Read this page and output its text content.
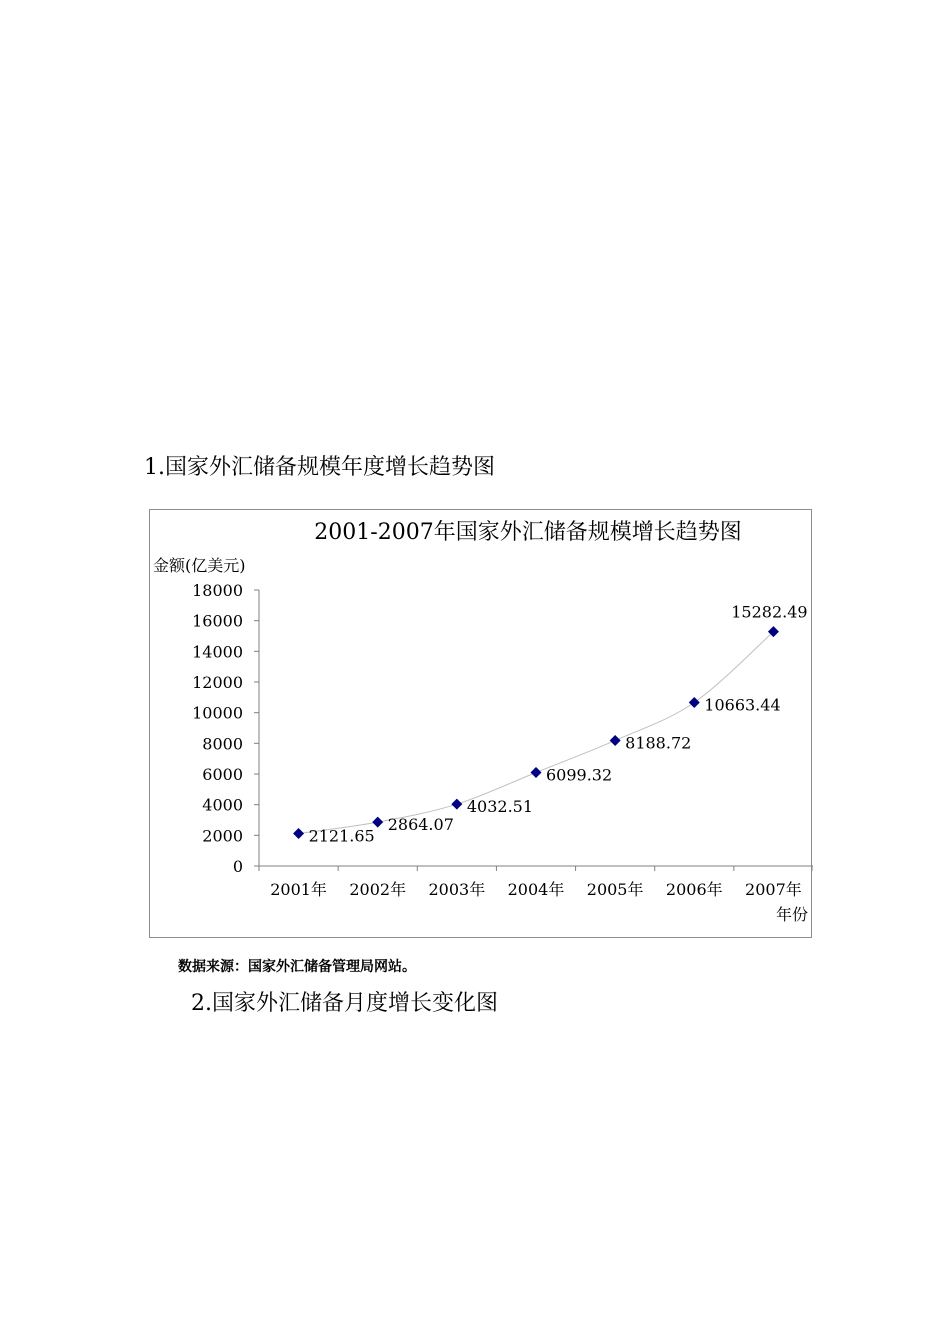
1.国家外汇储备规模年度增长趋势图
2001-2007年国家外汇储备规模增长趋势图
金额(亿美元)
年份
0
2000
4000
6000
8000
10000
12000
14000
16000
18000
2001年 2002年 2003年 2004年 2005年 2006年 2007年
2121.65
2864.07
4032.51
6099.32
8188.72
10663.44
15282.49
数据来源：国家外汇储备管理局网站。
2.国家外汇储备月度增长变化图
